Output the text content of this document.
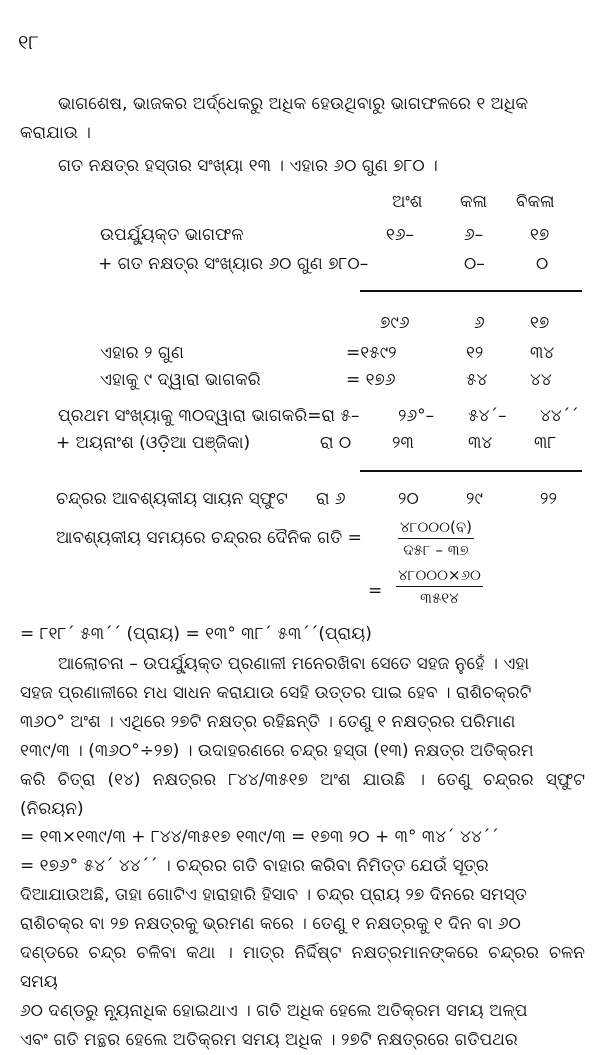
୧୮
ଭାଗଶେଷ, ଭାଜକର ଅର୍ଦ୍ଧେକରୁ ଅଧିକ ହେଉଥିବାରୁ ଭାଗଫଳରେ ୧ ଅଧିକ
କରାଯାଉ ।
ଗତ ନକ୍ଷତ୍ର ହସ୍ତାର ସଂଖ୍ୟା ୧୩ । ଏହାର ୬୦ ଗୁଣ ୭୮୦ ।
ଅଂଶ କଳା ବିକଳା
ଉପର୍ଯ୍ୟୁକ୍ତ ଭାଗଫଳ	୧୬–	୬–	୧୭
+ ଗତ ନକ୍ଷତ୍ର ସଂଖ୍ୟାର ୬୦ ଗୁଣ ୭୮୦–	୦–	୦
୭୯୬	୬	୧୭
ଏହାର ୨ ଗୁଣ	=୧୫୯୨	୧୨	୩୪
ଏହାକୁ ୯ ଦ୍ୱାରା ଭାଗକରି	= ୧୭୬	୫୪ ୪୪
ପ୍ରଥମ ସଂଖ୍ୟାକୁ ୩୦ଦ୍ୱାରା ଭାଗକରି=ରା ୫– ୨୬°– ୫୪´– ୪୪´´
+ ଅୟନାଂଶ (ଓଡ଼ିଆ ପଞ୍ଜିକା)	ରା ୦ ୨୩	୩୪ ୩୮
ଚନ୍ଦ୍ରର ଆବଶ୍ୟକୀୟ ସାୟନ ସ୍ଫୁଟ ରା ୬	୨୦	୨୯	୨୨
ଆବଶ୍ୟକୀୟ ସମୟରେ ଚନ୍ଦ୍ରର ଦୈନିକ ଗତି =
୪୮୦୦୦(ବ)
ଦ୫୮ – ୩୭
=
୪୮୦୦୦×୬୦
୩୫୧୪
= ୮୧୮´ ୫୩´´ (ପ୍ରାୟ) = ୧୩° ୩୮´ ୫୩´´(ପ୍ରାୟ)
ଆଲୋଚନା – ଉପର୍ଯ୍ୟୁକ୍ତ ପ୍ରଣାଳୀ ମନେରଖିବା ସେତେ ସହଜ ନୁହେଁ । ଏହା
ସହଜ ପ୍ରଣାଳୀରେ ମଧ ସାଧନ କରାଯାଉ ସେହି ଉତ୍ତର ପାଇ ହେବ । ରାଶିଚକ୍ରଟି
୩୬୦° ଅଂଶ । ଏଥିରେ ୨୭ଟି ନକ୍ଷତ୍ର ରହିଛନ୍ତି । ତେଣୁ ୧ ନକ୍ଷତ୍ରର ପରିମାଣ
୧୩୯/୩ । (୩୬୦°÷୨୭) । ଉଦାହରଣରେ ଚନ୍ଦ୍ର ହସ୍ତା (୧୩) ନକ୍ଷତ୍ର ଅତିକ୍ରମ
କରି ଚିତ୍ରା (୧୪) ନକ୍ଷତ୍ରର ୮୪୪/୩୫୧୭ ଅଂଶ ଯାଉଛି । ତେଣୁ ଚନ୍ଦ୍ରର ସ୍ଫୁଟ (ନିରୟନ)
= ୧୩×୧୩୯/୩ + ୮୪୪/୩୫୧୭ ୧୩୯/୩ = ୧୭୩ ୨୦ + ୩° ୩୪´ ୪୪´´
= ୧୭୬° ୫୪´ ୪୪´´ । ଚନ୍ଦ୍ରର ଗତି ବାହାର କରିବା ନିମିତ୍ତ ଯେଉଁ ସୂତ୍ର
ଦିଆଯାଉଅଛି, ତାହା ଗୋଟିଏ ହାରାହାରି ହିସାବ । ଚନ୍ଦ୍ର ପ୍ରାୟ ୨୭ ଦିନରେ ସମସ୍ତ
ରାଶିଚକ୍ର ବା ୨୭ ନକ୍ଷତ୍ରକୁ ଭ୍ରମଣ କରେ । ତେଣୁ ୧ ନକ୍ଷତ୍ରକୁ ୧ ଦିନ ବା ୬୦
ଦଣ୍ଡରେ ଚନ୍ଦ୍ର ଚଳିବା କଥା । ମାତ୍ର ନିର୍ଦ୍ଦିଷ୍ଟ ନକ୍ଷତ୍ରମାନଙ୍କରେ ଚନ୍ଦ୍ରର ଚଳନ ସମୟ
୬୦ ଦଣ୍ଡରୁ ନ୍ୟୂନାଧିକ ହୋଇଥାଏ । ଗତି ଅଧିକ ହେଲେ ଅତିକ୍ରମ ସମୟ ଅଳ୍ପ
ଏବଂ ଗତି ମନ୍ଥର ହେଲେ ଅତିକ୍ରମ ସମୟ ଅଧିକ । ୨୭ଟି ନକ୍ଷତ୍ରରେ ଗତିପଥର
